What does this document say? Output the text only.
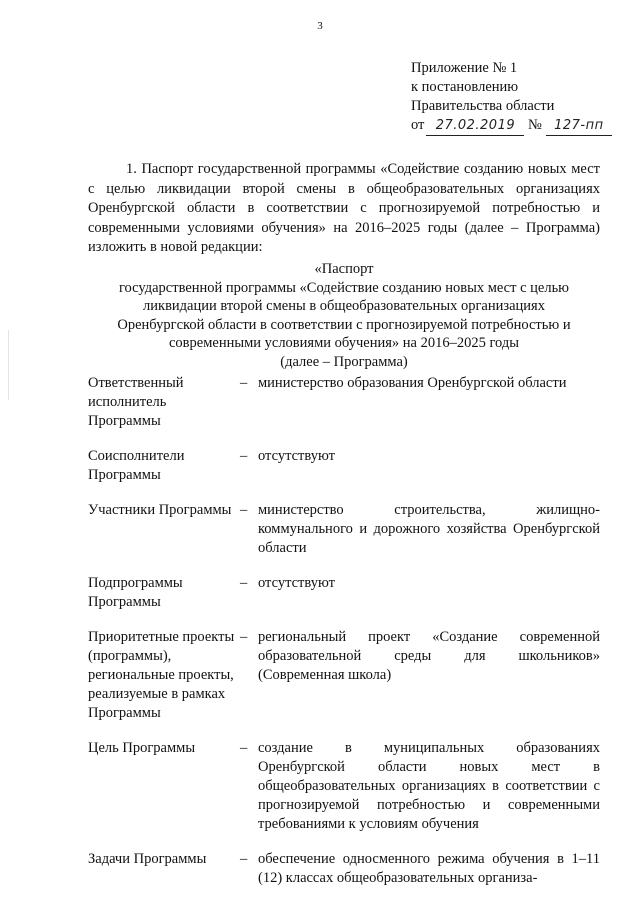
3
Приложение № 1
к постановлению
Правительства области
от 27.02.2019 № 127-пп
1. Паспорт государственной программы «Содействие созданию новых мест с целью ликвидации второй смены в общеобразовательных организациях Оренбургской области в соответствии с прогнозируемой потребностью и современными условиями обучения» на 2016–2025 годы (далее – Программа) изложить в новой редакции:
«Паспорт
государственной программы «Содействие созданию новых мест с целью
ликвидации второй смены в общеобразовательных организациях
Оренбургской области в соответствии с прогнозируемой потребностью и
современными условиями обучения» на 2016–2025 годы
(далее – Программа)
Ответственный исполнитель Программы
– министерство образования Оренбургской области
Соисполнители Программы
– отсутствуют
Участники Программы – министерство строительства, жилищно-коммунального и дорожного хозяйства Оренбургской области
Подпрограммы Программы
– отсутствуют
Приоритетные проекты (программы), региональные проекты, реализуемые в рамках Программы
– региональный проект «Создание современной образовательной среды для школьников» (Современная школа)
Цель Программы	– создание в муниципальных образованиях Оренбургской области новых мест в общеобразовательных организациях в соответствии с прогнозируемой потребностью и современными требованиями к условиям обучения
Задачи Программы	– обеспечение односменного режима обучения в 1–11 (12) классах общеобразовательных организа-
